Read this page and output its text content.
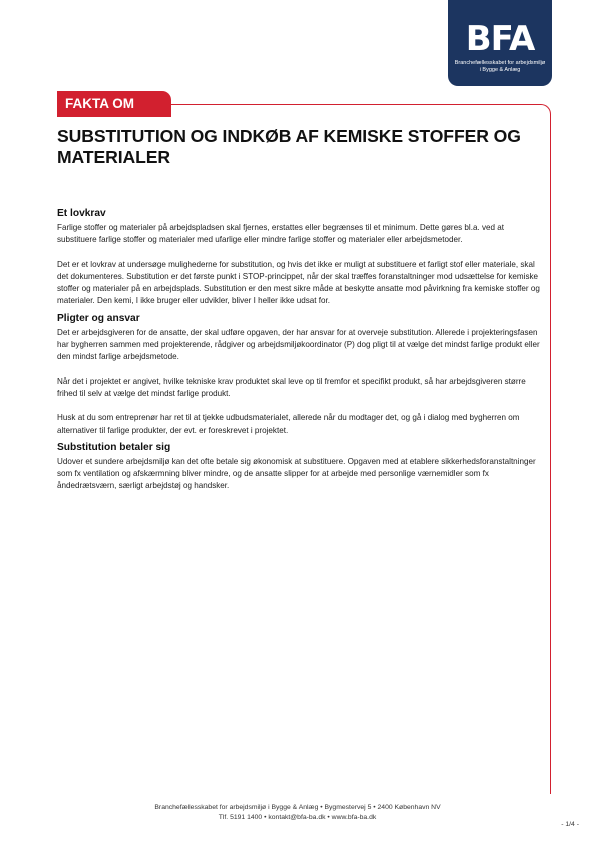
BFA
Branchefællesskabet for arbejdsmiljø
i Bygge & Anlæg
FAKTA OM
SUBSTITUTION OG INDKØB AF KEMISKE STOFFER OG MATERIALER
Et lovkrav

Farlige stoffer og materialer på arbejdspladsen skal fjernes, erstattes eller begrænses til et minimum. Dette gøres bl.a. ved at substituere farlige stoffer og materialer med ufarlige eller mindre farlige stoffer og materialer eller arbejdsmetoder.

Det er et lovkrav at undersøge mulighederne for substitution, og hvis det ikke er muligt at substituere et farligt stof eller materiale, skal det dokumenteres. Substitution er det første punkt i STOP-princippet, når der skal træffes foranstaltninger mod udsættelse for kemiske stoffer og materialer på en arbejdsplads. Substitution er den mest sikre måde at beskytte ansatte mod påvirkning fra kemiske stoffer og materialer. Den kemi, I ikke bruger eller udvikler, bliver I heller ikke udsat for.

Pligter og ansvar

Det er arbejdsgiveren for de ansatte, der skal udføre opgaven, der har ansvar for at overveje substitution. Allerede i projekteringsfasen har bygherren sammen med projekterende, rådgiver og arbejdsmiljøkoordinator (P) dog pligt til at vælge det mindst farlige produkt eller den mindst farlige arbejdsmetode.

Når det i projektet er angivet, hvilke tekniske krav produktet skal leve op til fremfor et specifikt produkt, så har arbejdsgiveren større frihed til selv at vælge det mindst farlige produkt.

Husk at du som entreprenør har ret til at tjekke udbudsmaterialet, allerede når du modtager det, og gå i dialog med bygherren om alternativer til farlige produkter, der evt. er foreskrevet i projektet.

Substitution betaler sig

Udover et sundere arbejdsmiljø kan det ofte betale sig økonomisk at substituere. Opgaven med at etablere sikkerhedsforanstaltninger som fx ventilation og afskærmning bliver mindre, og de ansatte slipper for at arbejde med personlige værnemidler som fx åndedrætsværn, særligt arbejdstøj og handsker.

Branchefællesskabet for arbejdsmiljø i Bygge & Anlæg • Bygmestervej 5 • 2400 København NV
Tlf. 5191 1400 • kontakt@bfa-ba.dk • www.bfa-ba.dk
- 1/4 -
